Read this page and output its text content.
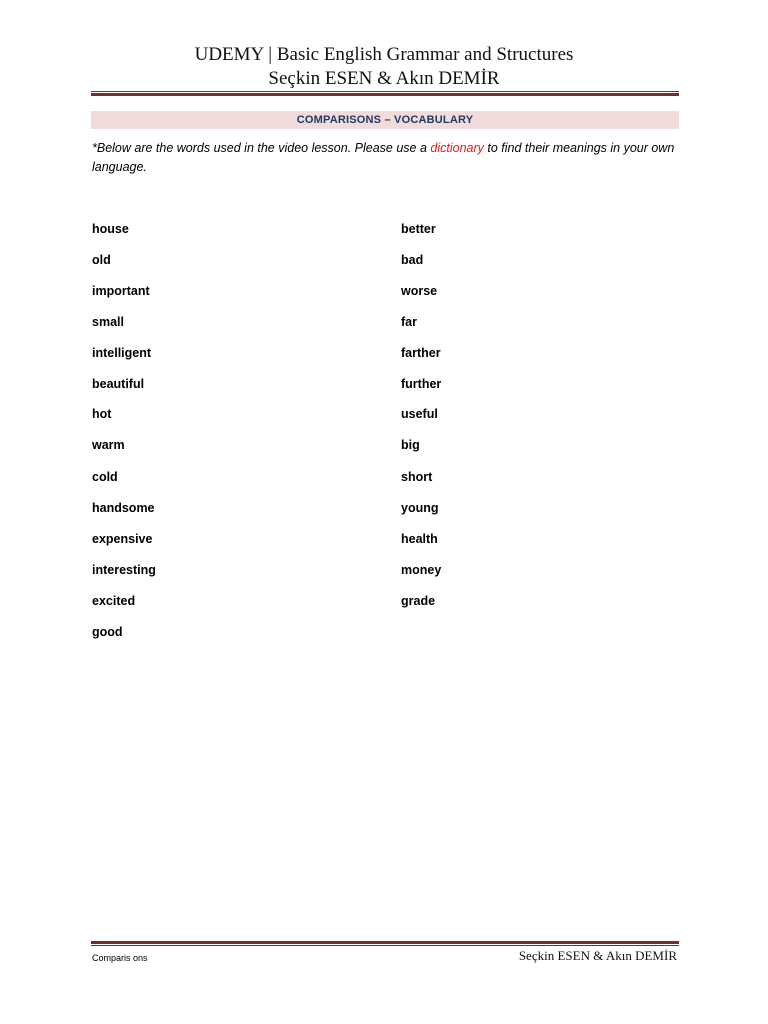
UDEMY | Basic English Grammar and Structures
Seçkin ESEN & Akın DEMİR
COMPARISONS – VOCABULARY
*Below are the words used in the video lesson. Please use a dictionary to find their meanings in your own language.
house
old
important
small
intelligent
beautiful
hot
warm
cold
handsome
expensive
interesting
excited
good
better
bad
worse
far
farther
further
useful
big
short
young
health
money
grade
Comparis ons	Seçkin ESEN & Akın DEMİR
